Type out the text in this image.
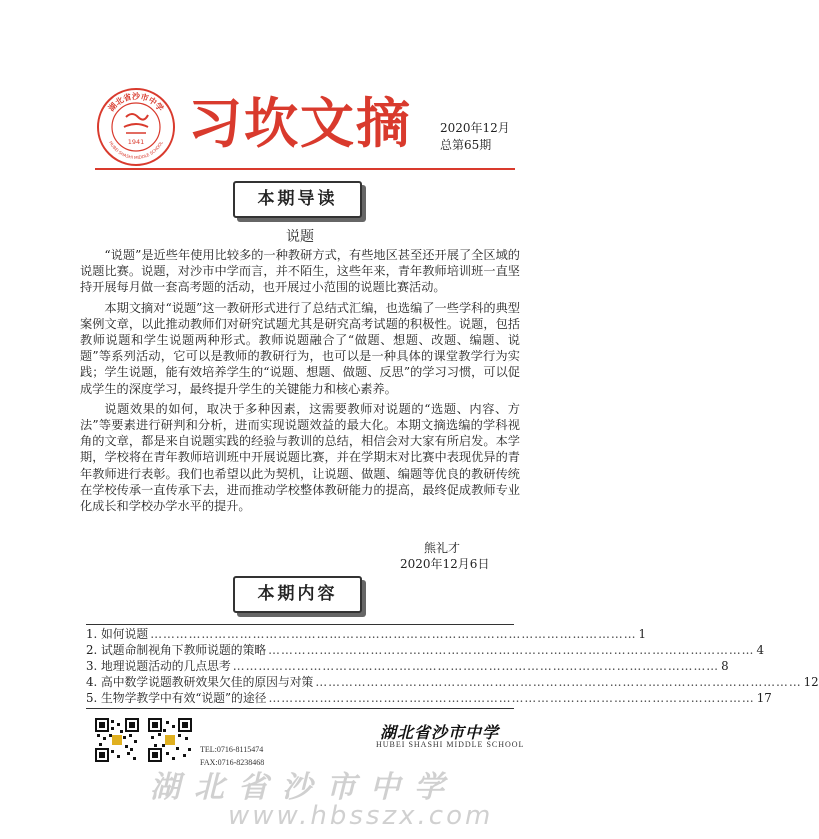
湖北省沙市中学
HUBEI SHASHI MIDDLE SCHOOL
1941 习坎文摘	2020年12月
总第65期
本期导读
说题

“说题”是近些年使用比较多的一种教研方式，有些地区甚至还开展了全区域的说题比赛。说题，对沙市中学而言，并不陌生，这些年来，青年教师培训班一直坚持开展每月做一套高考题的活动，也开展过小范围的说题比赛活动。

本期文摘对“说题”这一教研形式进行了总结式汇编，也选编了一些学科的典型案例文章，以此推动教师们对研究试题尤其是研究高考试题的积极性。说题，包括教师说题和学生说题两种形式。教师说题融合了“做题、想题、改题、编题、说题”等系列活动，它可以是教师的教研行为，也可以是一种具体的课堂教学行为实践；学生说题，能有效培养学生的“说题、想题、做题、反思”的学习习惯，可以促成学生的深度学习，最终提升学生的关键能力和核心素养。

说题效果的如何，取决于多种因素，这需要教师对说题的“选题、内容、方法”等要素进行研判和分析，进而实现说题效益的最大化。本期文摘选编的学科视角的文章，都是来自说题实践的经验与教训的总结，相信会对大家有所启发。本学期，学校将在青年教师培训班中开展说题比赛，并在学期末对比赛中表现优异的青年教师进行表彰。我们也希望以此为契机，让说题、做题、编题等优良的教研传统在学校传承一直传承下去，进而推动学校整体教研能力的提高，最终促成教师专业化成长和学校办学水平的提升。

熊礼才
2020年12月6日
本期内容
1. 如何说题 …………………………………………………………………………………………………… 1
2. 试题命制视角下教师说题的策略 …………………………………………………………………………………………………… 4
3. 地理说题活动的几点思考 …………………………………………………………………………………………………… 8
4. 高中数学说题教研效果欠佳的原因与对策 …………………………………………………………………………………………………… 12
5. 生物学教学中有效“说题”的途径 …………………………………………………………………………………………………… 17
TEL:0716-8115474
FAX:0716-8238468
湖北省沙市中学
HUBEI SHASHI MIDDLE SCHOOL
湖北省沙市中学
www.hbsszx.com
